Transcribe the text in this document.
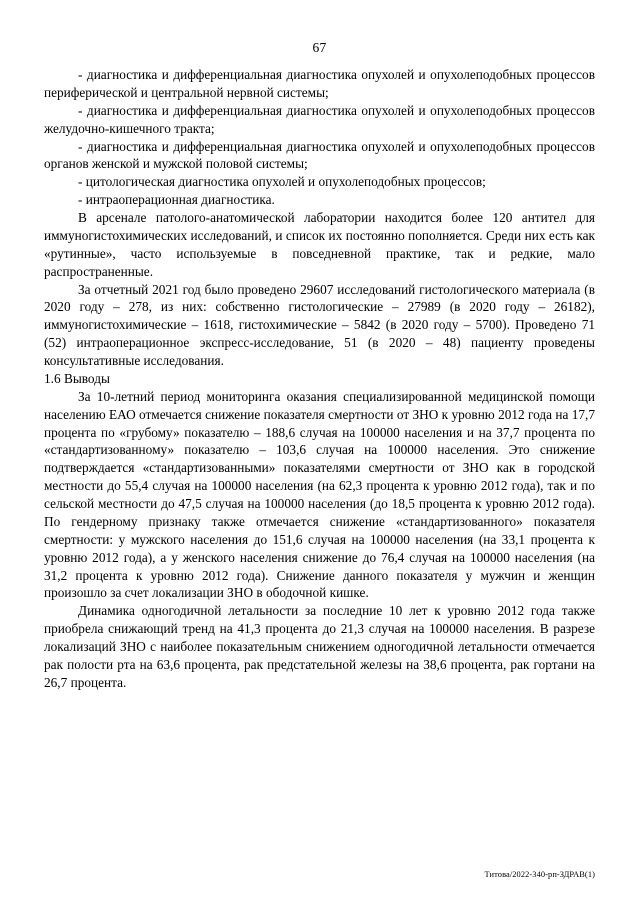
67

- диагностика и дифференциальная диагностика опухолей и опухолеподобных процессов периферической и центральной нервной системы;

- диагностика и дифференциальная диагностика опухолей и опухолеподобных процессов желудочно-кишечного тракта;

- диагностика и дифференциальная диагностика опухолей и опухолеподобных процессов органов женской и мужской половой системы;

- цитологическая диагностика опухолей и опухолеподобных процессов;

- интраоперационная диагностика.

В арсенале патолого-анатомической лаборатории находится более 120 антител для иммуногистохимических исследований, и список их постоянно пополняется. Среди них есть как «рутинные», часто используемые в повседневной практике, так и редкие, мало распространенные.

За отчетный 2021 год было проведено 29607 исследований гистологического материала (в 2020 году – 278, из них: собственно гистологические – 27989 (в 2020 году – 26182), иммуногистохимические – 1618, гистохимические – 5842 (в 2020 году – 5700). Проведено 71 (52) интраоперационное экспресс-исследование, 51 (в 2020 – 48) пациенту проведены консультативные исследования.

1.6 Выводы

За 10-летний период мониторинга оказания специализированной медицинской помощи населению ЕАО отмечается снижение показателя смертности от ЗНО к уровню 2012 года на 17,7 процента по «грубому» показателю – 188,6 случая на 100000 населения и на 37,7 процента по «стандартизованному» показателю – 103,6 случая на 100000 населения. Это снижение подтверждается «стандартизованными» показателями смертности от ЗНО как в городской местности до 55,4 случая на 100000 населения (на 62,3 процента к уровню 2012 года), так и по сельской местности до 47,5 случая на 100000 населения (до 18,5 процента к уровню 2012 года). По гендерному признаку также отмечается снижение «стандартизованного» показателя смертности: у мужского населения до 151,6 случая на 100000 населения (на 33,1 процента к уровню 2012 года), а у женского населения снижение до 76,4 случая на 100000 населения (на 31,2 процента к уровню 2012 года). Снижение данного показателя у мужчин и женщин произошло за счет локализации ЗНО в ободочной кишке.

Динамика одногодичной летальности за последние 10 лет к уровню 2012 года также приобрела снижающий тренд на 41,3 процента до 21,3 случая на 100000 населения. В разрезе локализаций ЗНО с наиболее показательным снижением одногодичной летальности отмечается рак полости рта на 63,6 процента, рак предстательной железы на 38,6 процента, рак гортани на 26,7 процента.

Титова/2022-340-рп-ЗДРАВ(1)
